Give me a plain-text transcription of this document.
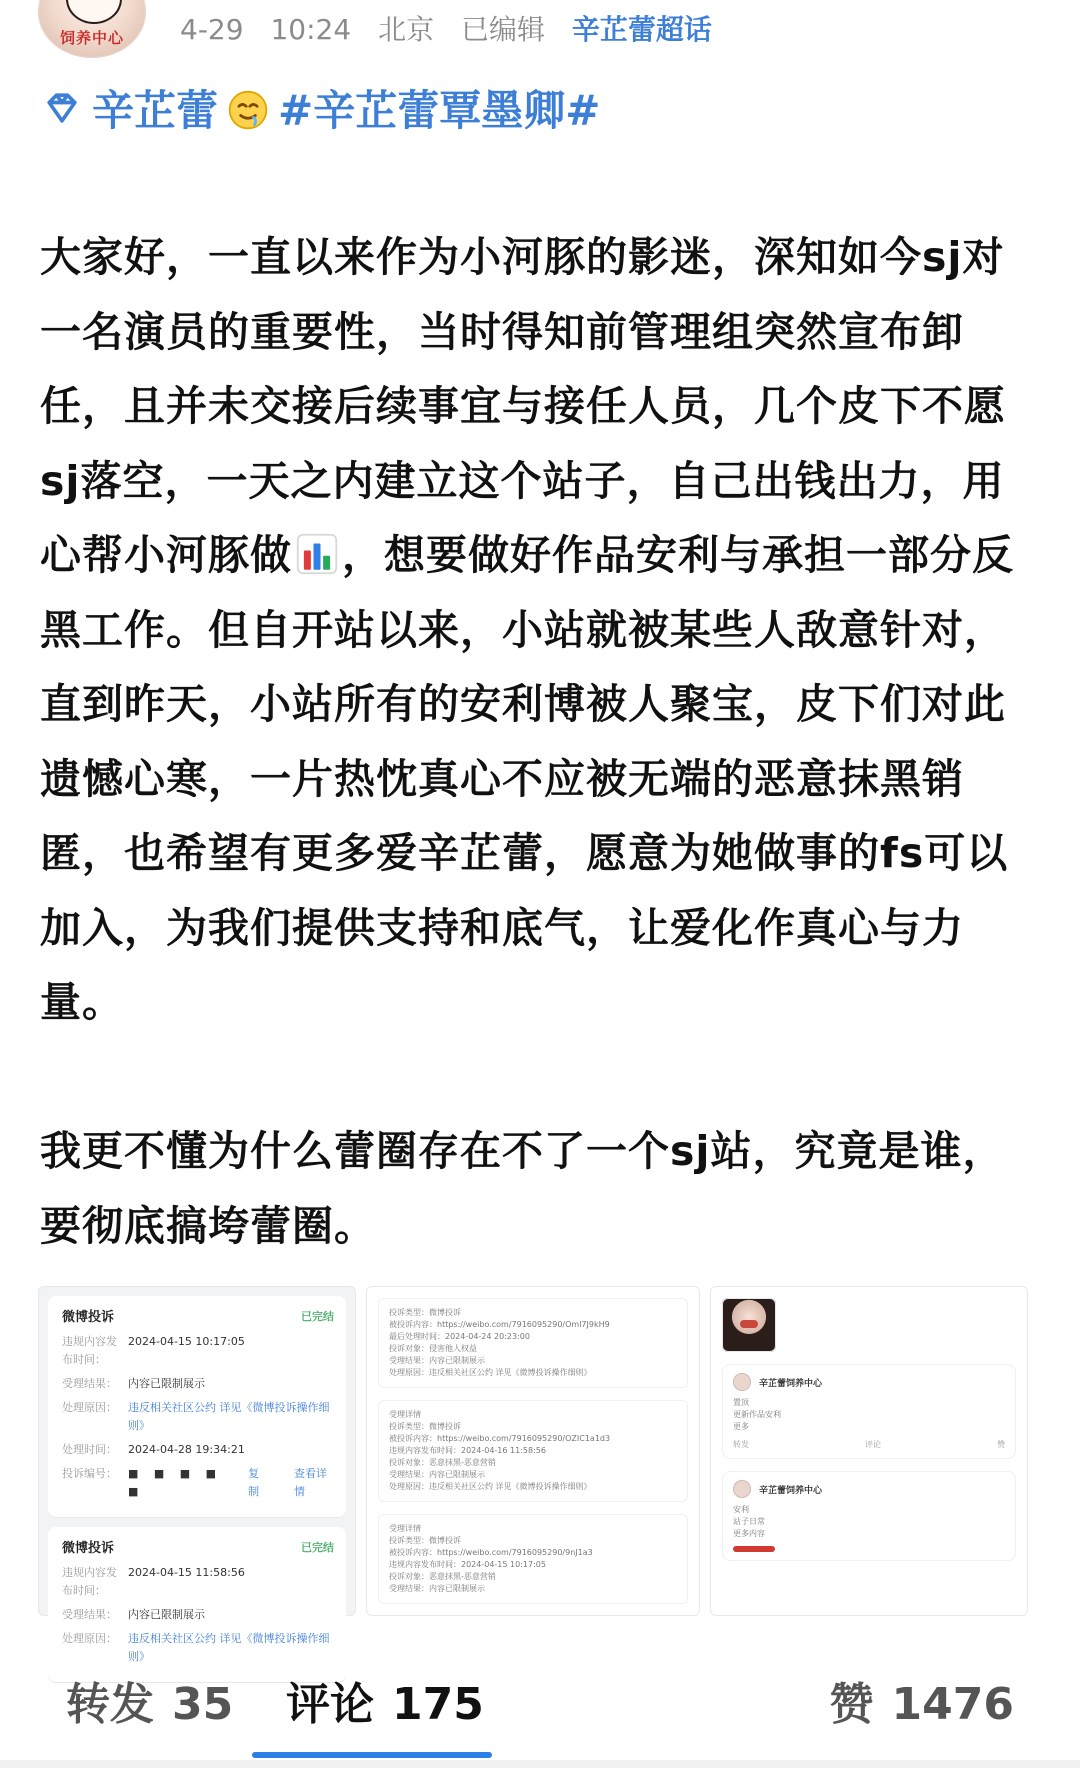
饲养中心 4-29 10:24 北京 已编辑 辛芷蕾超话
辛芷蕾 #辛芷蕾覃墨卿#

大家好，一直以来作为小河豚的影迷，深知如今sj对一名演员的重要性，当时得知前管理组突然宣布卸任，且并未交接后续事宜与接任人员，几个皮下不愿sj落空，一天之内建立这个站子，自己出钱出力，用心帮小河豚做 ，想要做好作品安利与承担一部分反黑工作。但自开站以来，小站就被某些人敌意针对，直到昨天，小站所有的安利博被人聚宝，皮下们对此遗憾心寒，一片热忱真心不应被无端的恶意抹黑销匿，也希望有更多爱辛芷蕾，愿意为她做事的fs可以加入，为我们提供支持和底气，让爱化作真心与力量。

我更不懂为什么蕾圈存在不了一个sj站，究竟是谁，要彻底搞垮蕾圈。

微博投诉	已完结
违规内容发布时间：
2024-04-15 10:17:05
受理结果： 内容已限制展示
处理原因： 违反相关社区公约 详见《微博投诉操作细则》
处理时间： 2024-04-28 19:34:21
投诉编号： ■ ■ ■ ■ ■
复制
查看详情
微博投诉	已完结
违规内容发布时间：
2024-04-15 11:58:56
受理结果： 内容已限制展示
处理原因： 违反相关社区公约 详见《微博投诉操作细则》
投诉类型：微博投诉
被投诉内容：https://weibo.com/7916095290/Oml7J9kH9
最后处理时间：2024-04-24 20:23:00
投诉对象：侵害他人权益
受理结果：内容已限制展示
处理原因：违反相关社区公约 详见《微博投诉操作细则》
受理详情
投诉类型：微博投诉
被投诉内容：https://weibo.com/7916095290/OZIC1a1d3
违规内容发布时间：2024-04-16 11:58:56
投诉对象：恶意抹黑-恶意营销
受理结果：内容已限制展示
处理原因：违反相关社区公约 详见《微博投诉操作细则》
受理详情
投诉类型：微博投诉
被投诉内容：https://weibo.com/7916095290/9nJ1a3
违规内容发布时间：2024-04-15 10:17:05
投诉对象：恶意抹黑-恶意营销
受理结果：内容已限制展示
辛芷蕾饲养中心
置顶
更新作品安利
更多
转发	评论	赞
辛芷蕾饲养中心
安利
站子日常
更多内容
转发 35 评论 175	赞 1476
